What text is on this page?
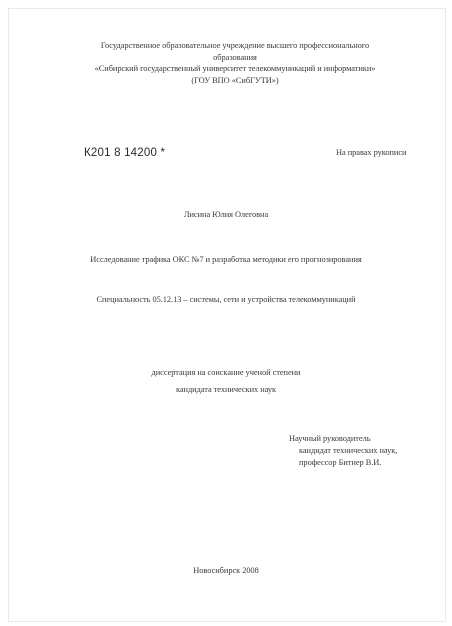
Государственное образовательное учреждение высшего профессионального
образования
«Сибирский государственный университет телекоммуникаций и информатики»
(ГОУ ВПО «СибГУТИ»)
К201 8 14200 *	На правах рукописи
Лисина Юлия Олеговна
Исследование трафика ОКС №7 и разработка методики его прогнозирования
Специальность 05.12.13 – системы, сети и устройства телекоммуникаций
диссертация на соискание ученой степени
кандидата технических наук
Научный руководитель
кандидат технических наук,
профессор Битнер В.И.
Новосибирск 2008
